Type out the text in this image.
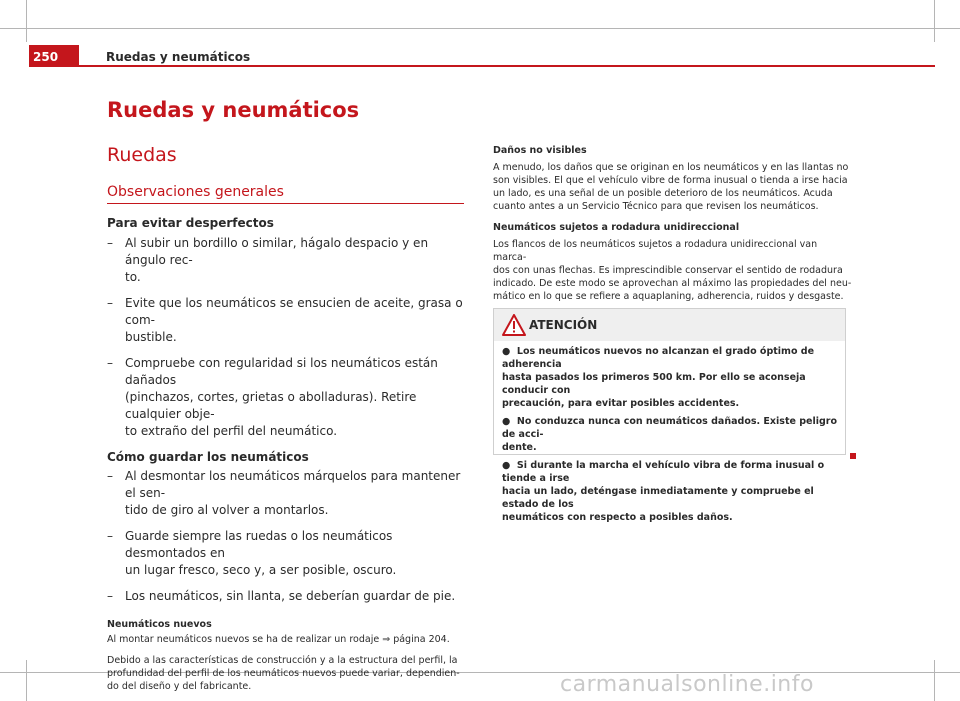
250	Ruedas y neumáticos
Ruedas y neumáticos
Ruedas
Observaciones generales

Para evitar desperfectos

– Al subir un bordillo o similar, hágalo despacio y en ángulo rec-
to.
– Evite que los neumáticos se ensucien de aceite, grasa o com-
bustible.
– Compruebe con regularidad si los neumáticos están dañados
(pinchazos, cortes, grietas o abolladuras). Retire cualquier obje-
to extraño del perfil del neumático.

Cómo guardar los neumáticos

– Al desmontar los neumáticos márquelos para mantener el sen-
tido de giro al volver a montarlos.
– Guarde siempre las ruedas o los neumáticos desmontados en
un lugar fresco, seco y, a ser posible, oscuro.
– Los neumáticos, sin llanta, se deberían guardar de pie.

Neumáticos nuevos

Al montar neumáticos nuevos se ha de realizar un rodaje ⇒ página 204.

Debido a las características de construcción y a la estructura del perfil, la

profundidad del perfil de los neumáticos nuevos puede variar, dependien-

do del diseño y del fabricante.

Daños no visibles

A menudo, los daños que se originan en los neumáticos y en las llantas no

son visibles. El que el vehículo vibre de forma inusual o tienda a irse hacia

un lado, es una señal de un posible deterioro de los neumáticos. Acuda

cuanto antes a un Servicio Técnico para que revisen los neumáticos.

Neumáticos sujetos a rodadura unidireccional

Los flancos de los neumáticos sujetos a rodadura unidireccional van marca-

dos con unas flechas. Es imprescindible conservar el sentido de rodadura

indicado. De este modo se aprovechan al máximo las propiedades del neu-

mático en lo que se refiere a aquaplaning, adherencia, ruidos y desgaste.

ATENCIÓN
● Los neumáticos nuevos no alcanzan el grado óptimo de adherencia
hasta pasados los primeros 500 km. Por ello se aconseja conducir con
precaución, para evitar posibles accidentes.
● No conduzca nunca con neumáticos dañados. Existe peligro de acci-
dente.
● Si durante la marcha el vehículo vibra de forma inusual o tiende a irse
hacia un lado, deténgase inmediatamente y compruebe el estado de los
neumáticos con respecto a posibles daños.
carmanualsonline.info
